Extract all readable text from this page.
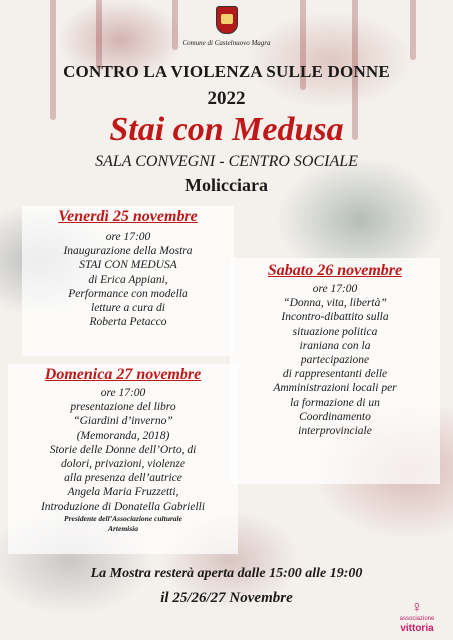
Comune di Castelnuovo Magra
CONTRO LA VIOLENZA SULLE DONNE
2022
Stai con Medusa
SALA CONVEGNI - CENTRO SOCIALE
Molicciara
Venerdì 25 novembre
ore 17:00
Inaugurazione della Mostra
STAI CON MEDUSA
di Erica Appiani,
Performance con modella
letture a cura di
Roberta Petacco
Sabato 26 novembre
ore 17:00
“Donna, vita, libertà”
Incontro-dibattito sulla
situazione politica
iraniana con la
partecipazione
di rappresentanti delle
Amministrazioni locali per
la formazione di un
Coordinamento
interprovinciale
Domenica 27 novembre
ore 17:00
presentazione del libro
“Giardini d’inverno”
(Memoranda, 2018)
Storie delle Donne dell’Orto, di
dolori, privazioni, violenze
alla presenza dell’autrice
Angela Maria Fruzzetti,
Introduzione di Donatella Gabrielli
Presidente dell’Associazione culturale
Artemisia
La Mostra resterà aperta dalle 15:00 alle 19:00
il 25/26/27 Novembre
♀
associazione
vittoria
